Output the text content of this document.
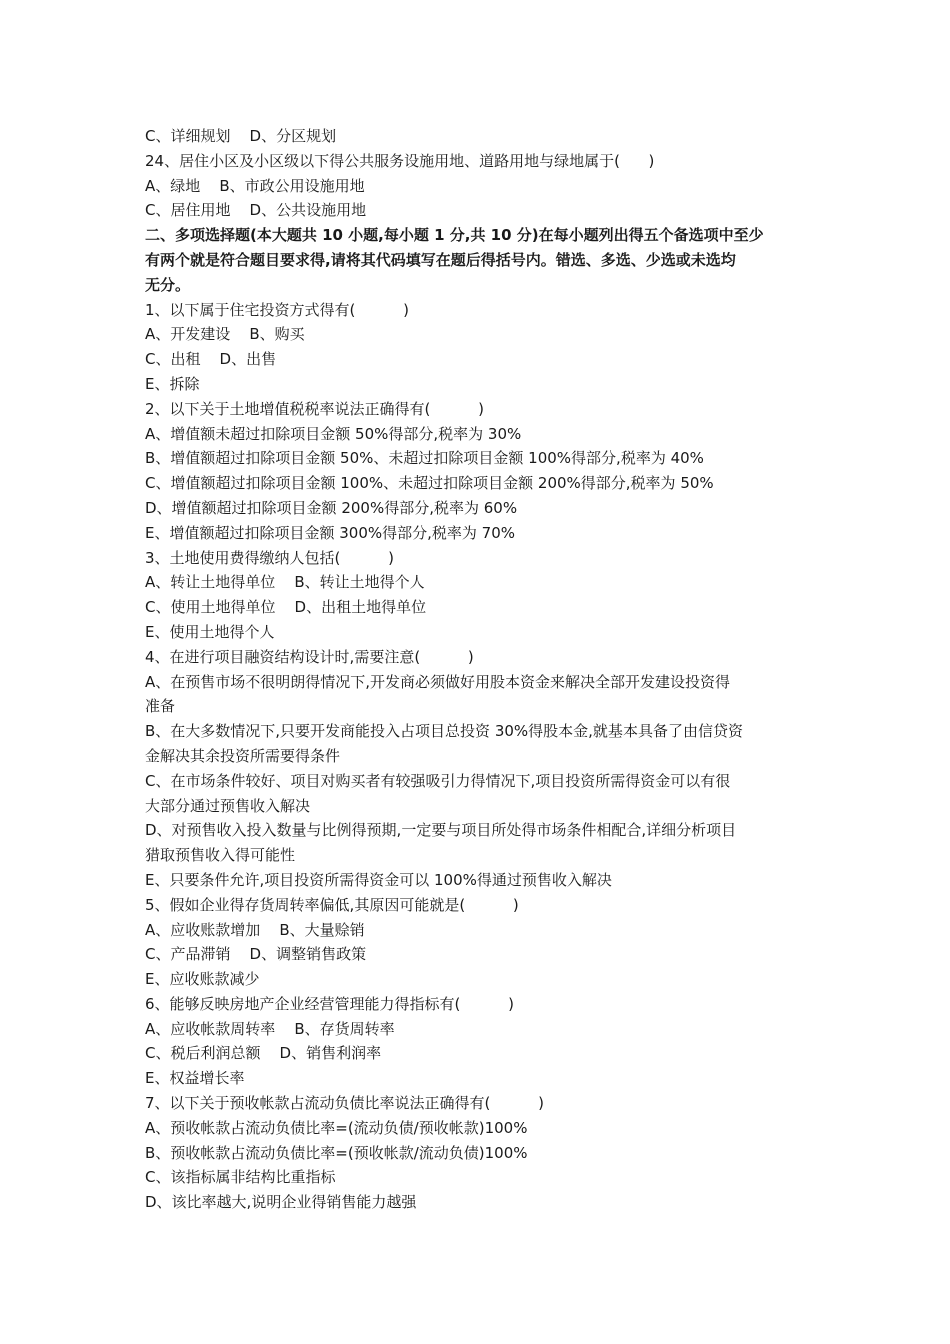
C、详细规划    D、分区规划

24、居住小区及小区级以下得公共服务设施用地、道路用地与绿地属于(      )

A、绿地    B、市政公用设施用地

C、居住用地    D、公共设施用地

二、多项选择题(本大题共 10 小题,每小题 1 分,共 10 分)在每小题列出得五个备选项中至少

有两个就是符合题目要求得,请将其代码填写在题后得括号内。错选、多选、少选或未选均

无分。

1、以下属于住宅投资方式得有(          )

A、开发建设    B、购买

C、出租    D、出售

E、拆除

2、以下关于土地增值税税率说法正确得有(          )

A、增值额未超过扣除项目金额 50%得部分,税率为 30%

B、增值额超过扣除项目金额 50%、未超过扣除项目金额 100%得部分,税率为 40%

C、增值额超过扣除项目金额 100%、未超过扣除项目金额 200%得部分,税率为 50%

D、增值额超过扣除项目金额 200%得部分,税率为 60%

E、增值额超过扣除项目金额 300%得部分,税率为 70%

3、土地使用费得缴纳人包括(          )

A、转让土地得单位    B、转让土地得个人

C、使用土地得单位    D、出租土地得单位

E、使用土地得个人

4、在进行项目融资结构设计时,需要注意(          )

A、在预售市场不很明朗得情况下,开发商必须做好用股本资金来解决全部开发建设投资得

准备

B、在大多数情况下,只要开发商能投入占项目总投资 30%得股本金,就基本具备了由信贷资

金解决其余投资所需要得条件

C、在市场条件较好、项目对购买者有较强吸引力得情况下,项目投资所需得资金可以有很

大部分通过预售收入解决

D、对预售收入投入数量与比例得预期,一定要与项目所处得市场条件相配合,详细分析项目

猎取预售收入得可能性

E、只要条件允许,项目投资所需得资金可以 100%得通过预售收入解决

5、假如企业得存货周转率偏低,其原因可能就是(          )

A、应收账款增加    B、大量赊销

C、产品滞销    D、调整销售政策

E、应收账款减少

6、能够反映房地产企业经营管理能力得指标有(          )

A、应收帐款周转率    B、存货周转率

C、税后利润总额    D、销售利润率

E、权益增长率

7、以下关于预收帐款占流动负债比率说法正确得有(          )

A、预收帐款占流动负债比率=(流动负债/预收帐款)100%

B、预收帐款占流动负债比率=(预收帐款/流动负债)100%

C、该指标属非结构比重指标

D、该比率越大,说明企业得销售能力越强
